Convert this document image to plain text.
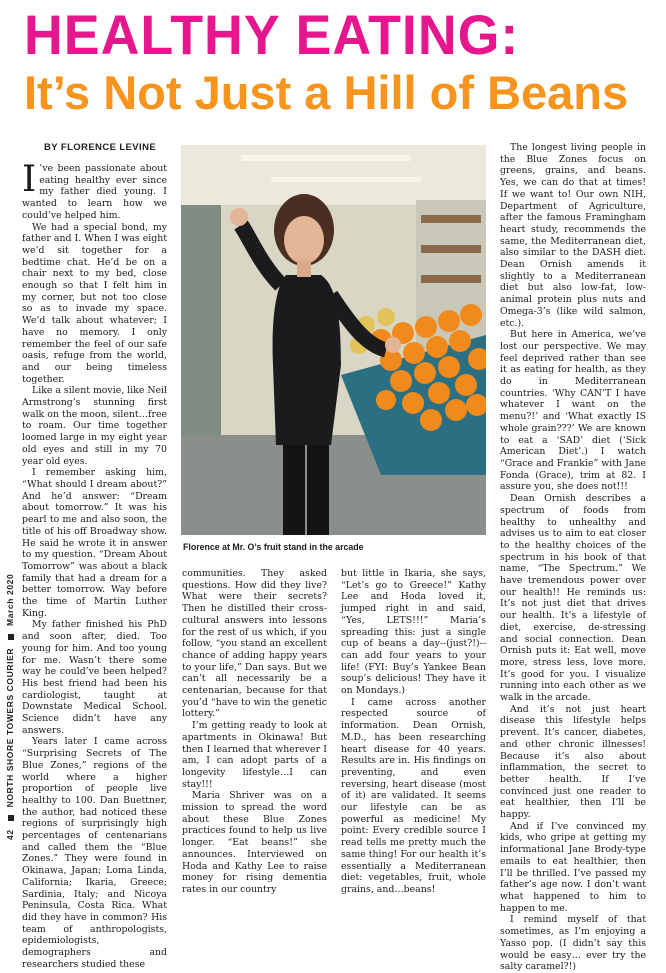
HEALTHY EATING:
It’s Not Just a Hill of Beans
BY FLORENCE LEVINE
42  NORTH SHORE TOWERS COURIER  March 2020

I ’ve been passionate about eating healthy ever since my father died young. I wanted to learn how we could’ve helped him.

We had a special bond, my father and I. When I was eight we’d sit together for a bedtime chat. He’d be on a chair next to my bed, close enough so that I felt him in my corner, but not too close so as to invade my space. We’d talk about whatever; I have no memory. I only remember the feel of our safe oasis, refuge from the world, and our being timeless together.

Like a silent movie, like Neil Armstrong’s stunning first walk on the moon, silent…free to roam. Our time together loomed large in my eight year old eyes and still in my 70 year old eyes.

I remember asking him, “What should I dream about?” And he’d answer: “Dream about tomorrow.” It was his pearl to me and also soon, the title of his off Broadway show. He said he wrote it in answer to my question. “Dream About Tomorrow” was about a black family that had a dream for a better tomorrow. Way before the time of Martin Luther King.

My father finished his PhD and soon after, died. Too young for him. And too young for me. Wasn’t there some way he could’ve been helped? His best friend had been his cardiologist, taught at Downstate Medical School. Science didn’t have any answers.

Years later I came across “Surprising Secrets of The Blue Zones,” regions of the world where a higher proportion of people live healthy to 100. Dan Buettner, the author, had noticed these regions of surprisingly high percentages of centenarians and called them the “Blue Zones.” They were found in Okinawa, Japan; Loma Linda, California; Ikaria, Greece; Sardinia, Italy; and Nicoya Peninsula, Costa Rica. What did they have in common? His team of anthropologists, epidemiologists, demographers and researchers studied these

Florence at Mr. O’s fruit stand in the arcade

communities. They asked questions. How did they live? What were their secrets? Then he distilled their cross-cultural answers into lessons for the rest of us which, if you follow, “you stand an excellent chance of adding happy years to your life,” Dan says. But we can’t all necessarily be a centenarian, because for that you’d “have to win the genetic lottery.”

I’m getting ready to look at apartments in Okinawa! But then I learned that wherever I am, I can adopt parts of a longevity lifestyle…I can stay!!!

Maria Shriver was on a mission to spread the word about these Blue Zones practices found to help us live longer. “Eat beans!” she announces. Interviewed on Hoda and Kathy Lee to raise money for rising dementia rates in our country

but little in Ikaria, she says, “Let’s go to Greece!” Kathy Lee and Hoda loved it, jumped right in and said, “Yes, LETS!!!” Maria’s spreading this: just a single cup of beans a day--(just?!)--can add four years to your life! (FYI: Buy’s Yankee Bean soup’s delicious! They have it on Mondays.)

I came across another respected source of information. Dean Ornish, M.D., has been researching heart disease for 40 years. Results are in. His findings on preventing, and even reversing, heart disease (most of it) are validated. It seems our lifestyle can be as powerful as medicine! My point: Every credible source I read tells me pretty much the same thing! For our health it’s essentially a Mediterranean diet: vegetables, fruit, whole grains, and…beans!

The longest living people in the Blue Zones focus on greens, grains, and beans. Yes, we can do that at times! If we want to! Our own NIH, Department of Agriculture, after the famous Framingham heart study, recommends the same, the Mediterranean diet, also similar to the DASH diet. Dean Ornish amends it slightly to a Mediterranean diet but also low-fat, low-animal protein plus nuts and Omega-3’s (like wild salmon, etc.).

But here in America, we’ve lost our perspective. We may feel deprived rather than see it as eating for health, as they do in Mediterranean countries. ‘Why CAN’T I have whatever I want on the menu?!’ and ‘What exactly IS whole grain???’ We are known to eat a ‘SAD’ diet (‘Sick American Diet’.) I watch “Grace and Frankie” with Jane Fonda (Grace), trim at 82. I assure you, she does not!!!

Dean Ornish describes a spectrum of foods from healthy to unhealthy and advises us to aim to eat closer to the healthy choices of the spectrum in his book of that name, “The Spectrum.” We have tremendous power over our health!! He reminds us: It’s not just diet that drives our health. It’s a lifestyle of diet, exercise, de-stressing and social connection. Dean Ornish puts it: Eat well, move more, stress less, love more. It’s good for you. I visualize running into each other as we walk in the arcade.

And it’s not just heart disease this lifestyle helps prevent. It’s cancer, diabetes, and other chronic illnesses! Because it’s also about inflammation, the secret to better health. If I’ve convinced just one reader to eat healthier, then I’ll be happy.

And if I’ve convinced my kids, who gripe at getting my informational Jane Brody-type emails to eat healthier, then I’ll be thrilled. I’ve passed my father’s age now. I don’t want what happened to him to happen to me.

I remind myself of that sometimes, as I’m enjoying a Yasso pop. (I didn’t say this would be easy… ever try the salty caramel?!)
